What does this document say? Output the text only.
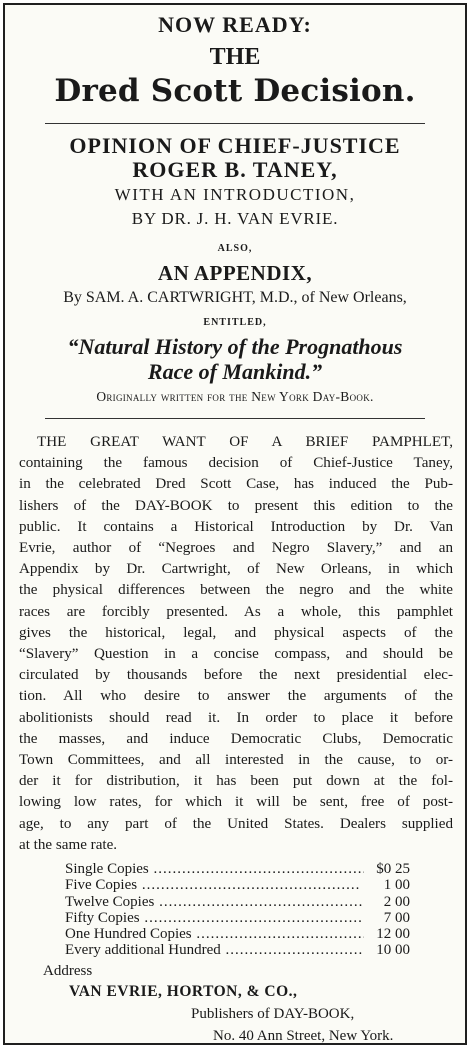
NOW READY:
THE
Dred Scott Decision.
OPINION OF CHIEF-JUSTICE
ROGER B. TANEY,
WITH AN INTRODUCTION,
BY DR. J. H. VAN EVRIE.
ALSO,
AN APPENDIX,
By SAM. A. CARTWRIGHT, M.D., of New Orleans,
ENTITLED,
“Natural History of the Prognathous
Race of Mankind.”
Originally written for the New York Day-Book.
THE GREAT WANT OF A BRIEF PAMPHLET,
containing the famous decision of Chief-Justice Taney,
in the celebrated Dred Scott Case, has induced the Pub-
lishers of the DAY-BOOK to present this edition to the
public. It contains a Historical Introduction by Dr. Van
Evrie, author of “Negroes and Negro Slavery,” and an
Appendix by Dr. Cartwright, of New Orleans, in which
the physical differences between the negro and the white
races are forcibly presented. As a whole, this pamphlet
gives the historical, legal, and physical aspects of the
“Slavery” Question in a concise compass, and should be
circulated by thousands before the next presidential elec-
tion. All who desire to answer the arguments of the
abolitionists should read it. In order to place it before
the masses, and induce Democratic Clubs, Democratic
Town Committees, and all interested in the cause, to or-
der it for distribution, it has been put down at the fol-
lowing low rates, for which it will be sent, free of post-
age, to any part of the United States. Dealers supplied
at the same rate.
Single Copies .....	$0 25
Five Copies .....	1 00
Twelve Copies .....	2 00
Fifty Copies .....	7 00
One Hundred Copies .....	12 00
Every additional Hundred .....	10 00
Address
VAN EVRIE, HORTON, & CO.,
Publishers of DAY-BOOK,
No. 40 Ann Street, New York.
